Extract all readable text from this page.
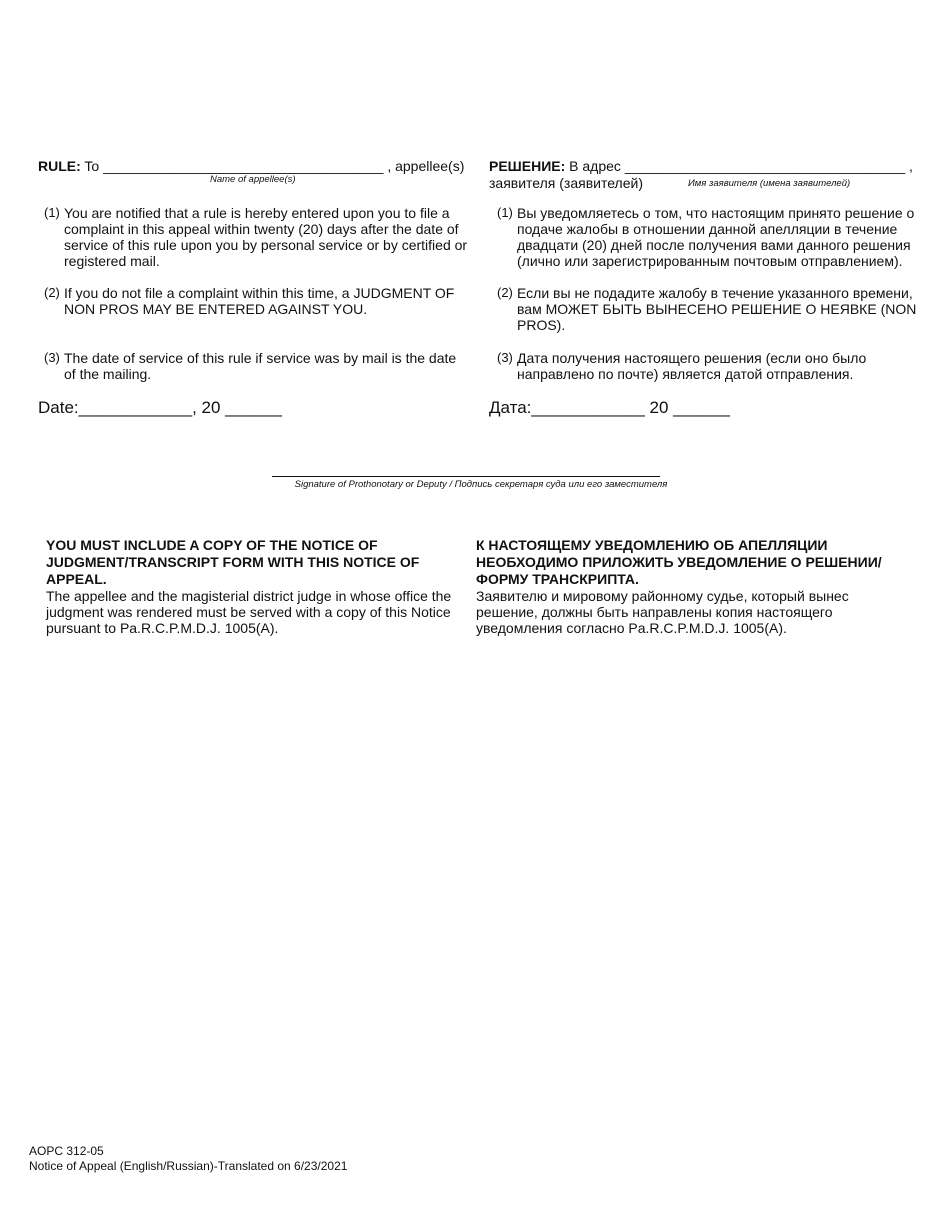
RULE: To ____________________________________ , appellee(s)
Name of appellee(s)
(1) You are notified that a rule is hereby entered upon you to file a complaint in this appeal within twenty (20) days after the date of service of this rule upon you by personal service or by certified or registered mail.
(2) If you do not file a complaint within this time, a JUDGMENT OF NON PROS MAY BE ENTERED AGAINST YOU.
(3) The date of service of this rule if service was by mail is the date of the mailing.
Date:____________, 20 ______
РЕШЕНИЕ: В адрес ____________________________________ ,
заявителя (заявителей)	Имя заявителя (имена заявителей)
(1) Вы уведомляетесь о том, что настоящим принято решение о подаче жалобы в отношении данной апелляции в течение двадцати (20) дней после получения вами данного решения (лично или зарегистрированным почтовым отправлением).
(2) Если вы не подадите жалобу в течение указанного времени, вам МОЖЕТ БЫТЬ ВЫНЕСЕНО РЕШЕНИЕ О НЕЯВКЕ (NON PROS).
(3) Дата получения настоящего решения (если оно было направлено по почте) является датой отправления.
Дата:____________ 20 ______
Signature of Prothonotary or Deputy / Подпись секретаря суда или его заместителя
YOU MUST INCLUDE A COPY OF THE NOTICE OF JUDGMENT/TRANSCRIPT FORM WITH THIS NOTICE OF APPEAL.
The appellee and the magisterial district judge in whose office the judgment was rendered must be served with a copy of this Notice pursuant to Pa.R.C.P.M.D.J. 1005(A).
К НАСТОЯЩЕМУ УВЕДОМЛЕНИЮ ОБ АПЕЛЛЯЦИИ НЕОБХОДИМО ПРИЛОЖИТЬ УВЕДОМЛЕНИЕ О РЕШЕНИИ/ФОРМУ ТРАНСКРИПТА.
Заявителю и мировому районному судье, который вынес решение, должны быть направлены копия настоящего уведомления согласно Pa.R.C.P.M.D.J. 1005(A).
AOPC 312-05
Notice of Appeal (English/Russian)-Translated on 6/23/2021
